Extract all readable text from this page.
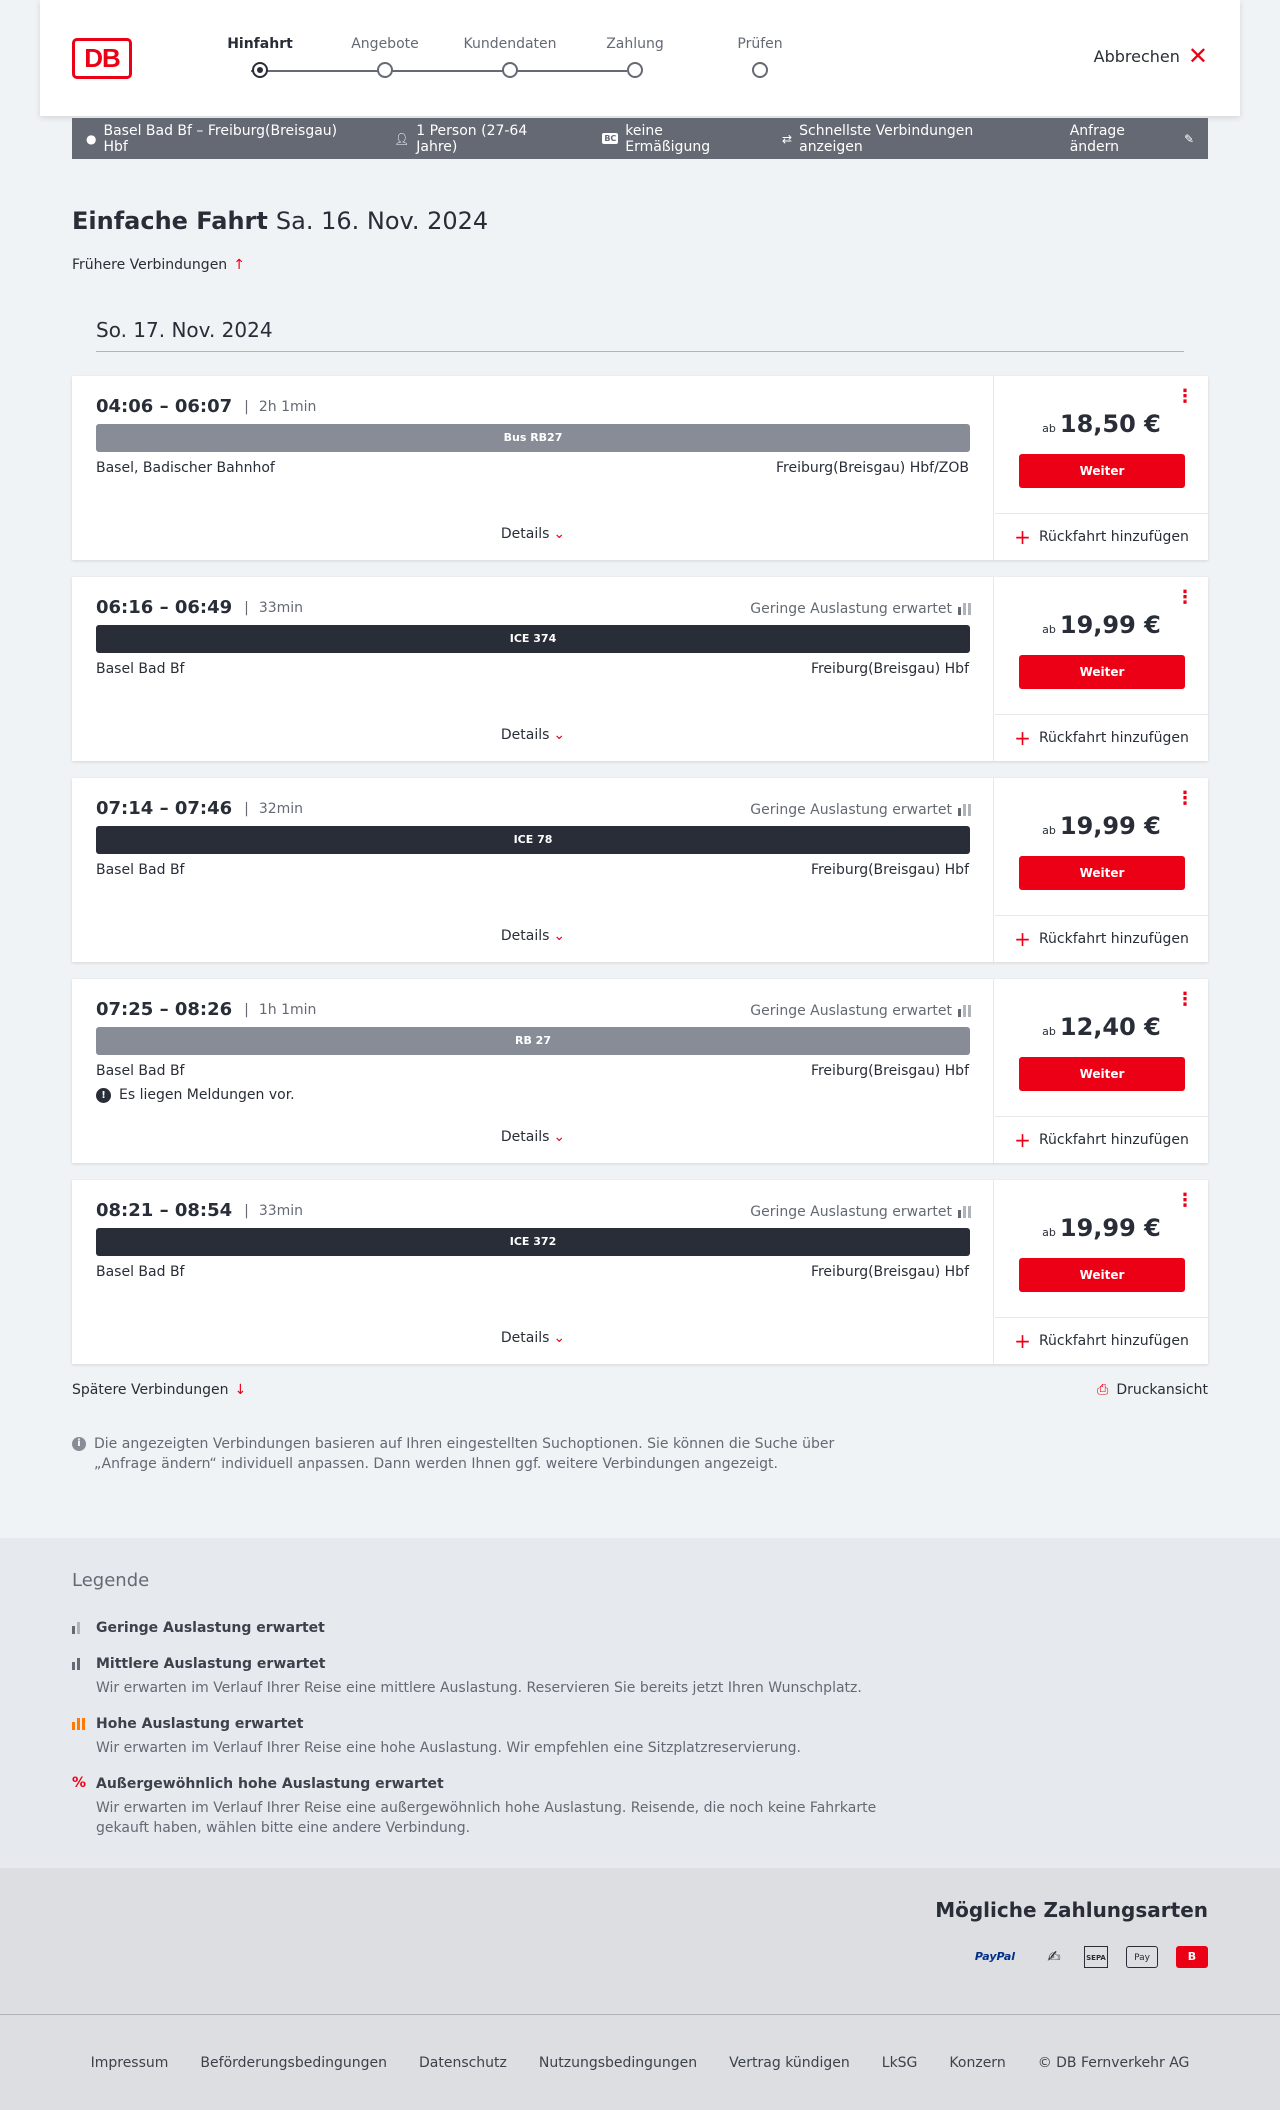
DB	Hinfahrt	Angebote	Kundendaten	Zahlung	Prüfen
Abbrechen ✕
● Basel Bad Bf – Freiburg(Breisgau) Hbf	👤︎ 1 Person (27-64 Jahre)	BC keine Ermäßigung	⇄ Schnellste Verbindungen anzeigen
Anfrage ändern	✎
Einfache Fahrt Sa. 16. Nov. 2024
Frühere Verbindungen ↑
So. 17. Nov. 2024
04:06 – 06:07 | 2h 1min
Bus RB27
Basel, Badischer Bahnhof	Freiburg(Breisgau) Hbf/ZOB
Details ⌄
⋮
ab 18,50 €
Weiter
+ Rückfahrt hinzufügen
06:16 – 06:49 | 33min	Geringe Auslastung erwartet
ICE 374
Basel Bad Bf	Freiburg(Breisgau) Hbf
Details ⌄
⋮
ab 19,99 €
Weiter
+ Rückfahrt hinzufügen
07:14 – 07:46 | 32min	Geringe Auslastung erwartet
ICE 78
Basel Bad Bf	Freiburg(Breisgau) Hbf
Details ⌄
⋮
ab 19,99 €
Weiter
+ Rückfahrt hinzufügen
07:25 – 08:26 | 1h 1min	Geringe Auslastung erwartet
RB 27
Basel Bad Bf	Freiburg(Breisgau) Hbf
! Es liegen Meldungen vor.
Details ⌄
⋮
ab 12,40 €
Weiter
+ Rückfahrt hinzufügen
08:21 – 08:54 | 33min	Geringe Auslastung erwartet
ICE 372
Basel Bad Bf	Freiburg(Breisgau) Hbf
Details ⌄
⋮
ab 19,99 €
Weiter
+ Rückfahrt hinzufügen
Spätere Verbindungen ↓	⎙ Druckansicht
i Die angezeigten Verbindungen basieren auf Ihren eingestellten Suchoptionen. Sie können die Suche über „Anfrage ändern“ individuell anpassen. Dann werden Ihnen ggf. weitere Verbindungen angezeigt.
Legende
Geringe Auslastung erwartet
Mittlere Auslastung erwartet
Wir erwarten im Verlauf Ihrer Reise eine mittlere Auslastung. Reservieren Sie bereits jetzt Ihren Wunschplatz.
Hohe Auslastung erwartet
Wir erwarten im Verlauf Ihrer Reise eine hohe Auslastung. Wir empfehlen eine Sitzplatzreservierung.
% Außergewöhnlich hohe Auslastung erwartet
Wir erwarten im Verlauf Ihrer Reise eine außergewöhnlich hohe Auslastung. Reisende, die noch keine Fahrkarte gekauft haben, wählen bitte eine andere Verbindung.
Mögliche Zahlungsarten
PayPal	✍	SEPA	Pay	B
Impressum Beförderungsbedingungen Datenschutz Nutzungsbedingungen Vertrag kündigen LkSG Konzern © DB Fernverkehr AG
